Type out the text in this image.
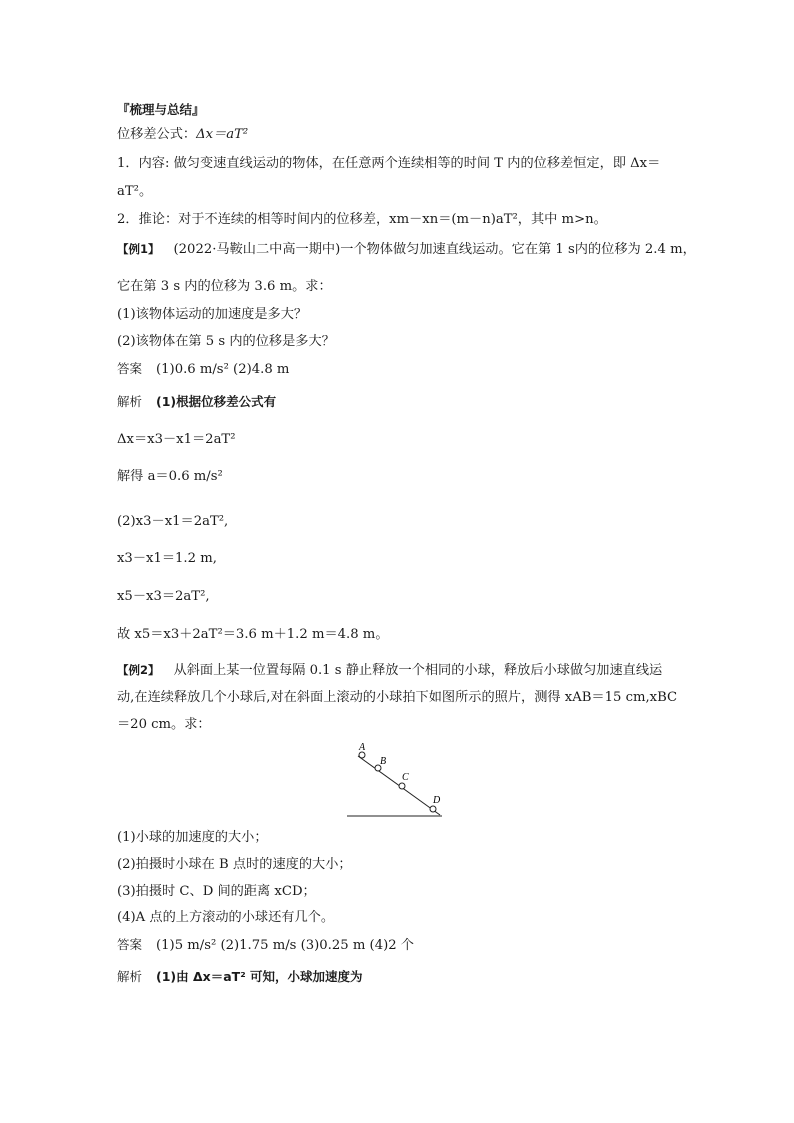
『梳理与总结』
位移差公式：Δx＝aT²
1．内容: 做匀变速直线运动的物体，在任意两个连续相等的时间 T 内的位移差恒定，即 Δx＝
aT²。
2．推论：对于不连续的相等时间内的位移差，xm－xn＝(m－n)aT²，其中 m>n。
【例1】 (2022·马鞍山二中高一期中)一个物体做匀加速直线运动。它在第 1 s内的位移为 2.4 m，
它在第 3 s 内的位移为 3.6 m。求：
(1)该物体运动的加速度是多大？
(2)该物体在第 5 s 内的位移是多大？
答案 (1)0.6 m/s² (2)4.8 m
解析 (1)根据位移差公式有
Δx＝x3－x1＝2aT²
解得 a＝0.6 m/s²
(2)x3－x1＝2aT²,
x3－x1＝1.2 m,
x5－x3＝2aT²,
故 x5＝x3＋2aT²＝3.6 m＋1.2 m＝4.8 m。
【例2】 从斜面上某一位置每隔 0.1 s 静止释放一个相同的小球，释放后小球做匀加速直线运
动,在连续释放几个小球后,对在斜面上滚动的小球拍下如图所示的照片，测得 xAB＝15 cm,xBC
＝20 cm。求：
A
B
C
D
(1)小球的加速度的大小；
(2)拍摄时小球在 B 点时的速度的大小；
(3)拍摄时 C、D 间的距离 xCD；
(4)A 点的上方滚动的小球还有几个。
答案 (1)5 m/s² (2)1.75 m/s (3)0.25 m (4)2 个
解析 (1)由 Δx＝aT² 可知，小球加速度为
